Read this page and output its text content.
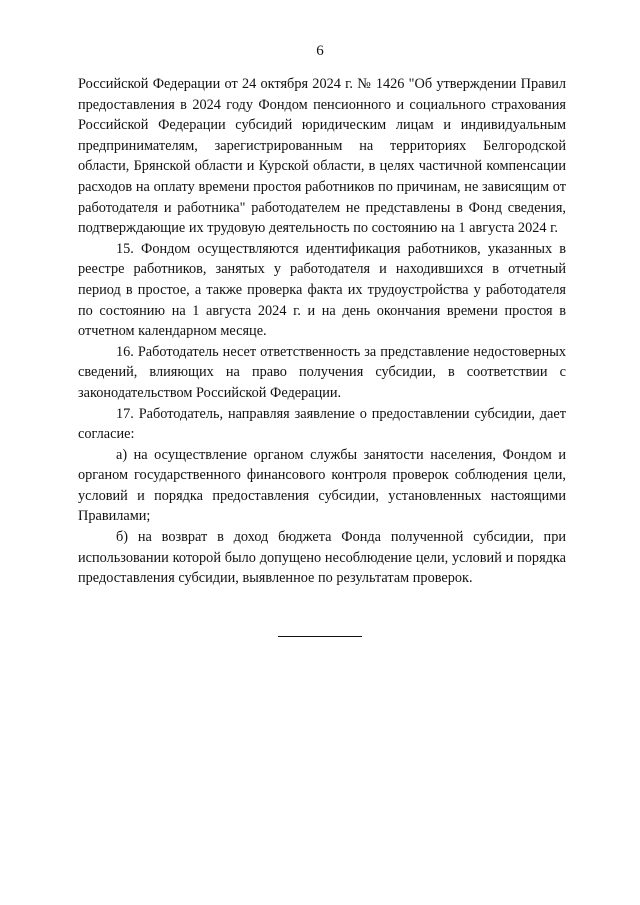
6

Российской Федерации от 24 октября 2024 г. № 1426 "Об утверждении Правил предоставления в 2024 году Фондом пенсионного и социального страхования Российской Федерации субсидий юридическим лицам и индивидуальным предпринимателям, зарегистрированным на территориях Белгородской области, Брянской области и Курской области, в целях частичной компенсации расходов на оплату времени простоя работников по причинам, не зависящим от работодателя и работника" работодателем не представлены в Фонд сведения, подтверждающие их трудовую деятельность по состоянию на 1 августа 2024 г.

15. Фондом осуществляются идентификация работников, указанных в реестре работников, занятых у работодателя и находившихся в отчетный период в простое, а также проверка факта их трудоустройства у работодателя по состоянию на 1 августа 2024 г. и на день окончания времени простоя в отчетном календарном месяце.

16. Работодатель несет ответственность за представление недостоверных сведений, влияющих на право получения субсидии, в соответствии с законодательством Российской Федерации.

17. Работодатель, направляя заявление о предоставлении субсидии, дает согласие:

а) на осуществление органом службы занятости населения, Фондом и органом государственного финансового контроля проверок соблюдения цели, условий и порядка предоставления субсидии, установленных настоящими Правилами;

б) на возврат в доход бюджета Фонда полученной субсидии, при использовании которой было допущено несоблюдение цели, условий и порядка предоставления субсидии, выявленное по результатам проверок.
